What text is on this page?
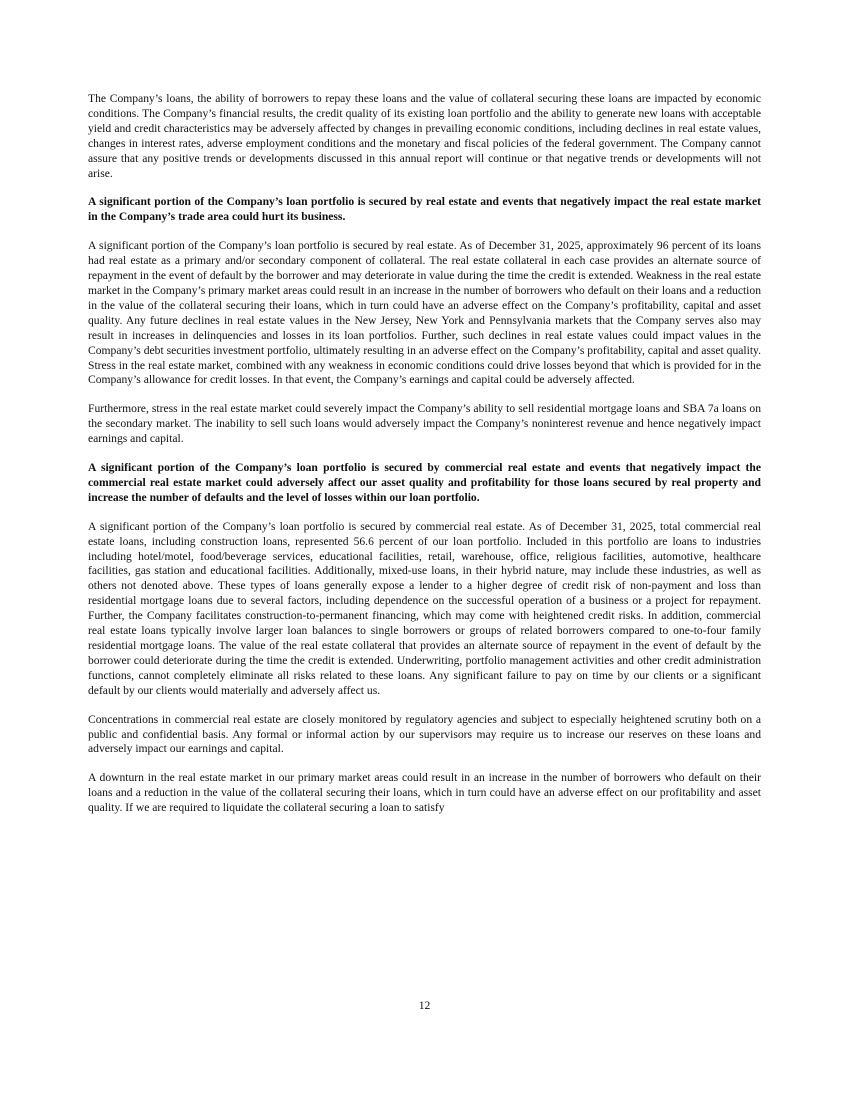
The Company’s loans, the ability of borrowers to repay these loans and the value of collateral securing these loans are impacted by economic conditions. The Company’s financial results, the credit quality of its existing loan portfolio and the ability to generate new loans with acceptable yield and credit characteristics may be adversely affected by changes in prevailing economic conditions, including declines in real estate values, changes in interest rates, adverse employment conditions and the monetary and fiscal policies of the federal government. The Company cannot assure that any positive trends or developments discussed in this annual report will continue or that negative trends or developments will not arise.

A significant portion of the Company’s loan portfolio is secured by real estate and events that negatively impact the real estate market in the Company’s trade area could hurt its business.

A significant portion of the Company’s loan portfolio is secured by real estate. As of December 31, 2025, approximately 96 percent of its loans had real estate as a primary and/or secondary component of collateral. The real estate collateral in each case provides an alternate source of repayment in the event of default by the borrower and may deteriorate in value during the time the credit is extended. Weakness in the real estate market in the Company’s primary market areas could result in an increase in the number of borrowers who default on their loans and a reduction in the value of the collateral securing their loans, which in turn could have an adverse effect on the Company’s profitability, capital and asset quality. Any future declines in real estate values in the New Jersey, New York and Pennsylvania markets that the Company serves also may result in increases in delinquencies and losses in its loan portfolios. Further, such declines in real estate values could impact values in the Company’s debt securities investment portfolio, ultimately resulting in an adverse effect on the Company’s profitability, capital and asset quality. Stress in the real estate market, combined with any weakness in economic conditions could drive losses beyond that which is provided for in the Company’s allowance for credit losses. In that event, the Company’s earnings and capital could be adversely affected.

Furthermore, stress in the real estate market could severely impact the Company’s ability to sell residential mortgage loans and SBA 7a loans on the secondary market. The inability to sell such loans would adversely impact the Company’s noninterest revenue and hence negatively impact earnings and capital.

A significant portion of the Company’s loan portfolio is secured by commercial real estate and events that negatively impact the commercial real estate market could adversely affect our asset quality and profitability for those loans secured by real property and increase the number of defaults and the level of losses within our loan portfolio.

A significant portion of the Company’s loan portfolio is secured by commercial real estate. As of December 31, 2025, total commercial real estate loans, including construction loans, represented 56.6 percent of our loan portfolio. Included in this portfolio are loans to industries including hotel/motel, food/beverage services, educational facilities, retail, warehouse, office, religious facilities, automotive, healthcare facilities, gas station and educational facilities. Additionally, mixed-use loans, in their hybrid nature, may include these industries, as well as others not denoted above. These types of loans generally expose a lender to a higher degree of credit risk of non-payment and loss than residential mortgage loans due to several factors, including dependence on the successful operation of a business or a project for repayment. Further, the Company facilitates construction-to-permanent financing, which may come with heightened credit risks. In addition, commercial real estate loans typically involve larger loan balances to single borrowers or groups of related borrowers compared to one-to-four family residential mortgage loans. The value of the real estate collateral that provides an alternate source of repayment in the event of default by the borrower could deteriorate during the time the credit is extended. Underwriting, portfolio management activities and other credit administration functions, cannot completely eliminate all risks related to these loans. Any significant failure to pay on time by our clients or a significant default by our clients would materially and adversely affect us.

Concentrations in commercial real estate are closely monitored by regulatory agencies and subject to especially heightened scrutiny both on a public and confidential basis. Any formal or informal action by our supervisors may require us to increase our reserves on these loans and adversely impact our earnings and capital.

A downturn in the real estate market in our primary market areas could result in an increase in the number of borrowers who default on their loans and a reduction in the value of the collateral securing their loans, which in turn could have an adverse effect on our profitability and asset quality. If we are required to liquidate the collateral securing a loan to satisfy

12
